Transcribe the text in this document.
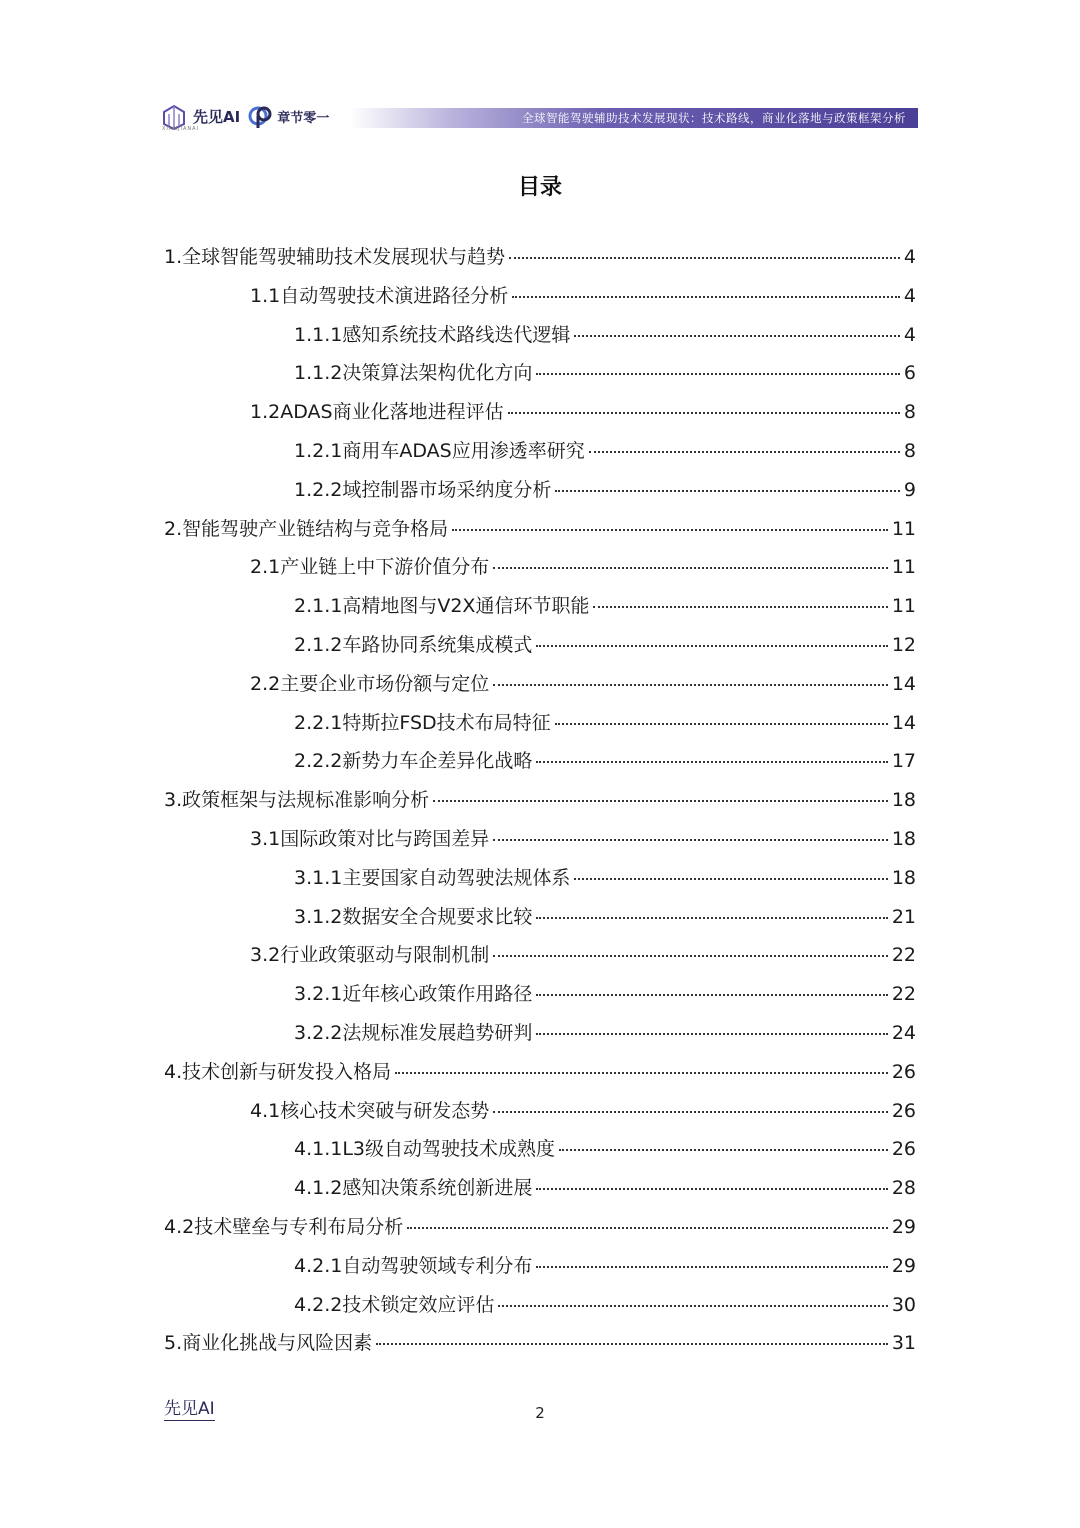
先见AI	章节零一
XIANJIANAI
全球智能驾驶辅助技术发展现状：技术路线，商业化落地与政策框架分析
目录
1.全球智能驾驶辅助技术发展现状与趋势	4
1.1自动驾驶技术演进路径分析	4
1.1.1感知系统技术路线迭代逻辑	4
1.1.2决策算法架构优化方向	6
1.2ADAS商业化落地进程评估	8
1.2.1商用车ADAS应用渗透率研究	8
1.2.2域控制器市场采纳度分析	9
2.智能驾驶产业链结构与竞争格局	11
2.1产业链上中下游价值分布	11
2.1.1高精地图与V2X通信环节职能	11
2.1.2车路协同系统集成模式	12
2.2主要企业市场份额与定位	14
2.2.1特斯拉FSD技术布局特征	14
2.2.2新势力车企差异化战略	17
3.政策框架与法规标准影响分析	18
3.1国际政策对比与跨国差异	18
3.1.1主要国家自动驾驶法规体系	18
3.1.2数据安全合规要求比较	21
3.2行业政策驱动与限制机制	22
3.2.1近年核心政策作用路径	22
3.2.2法规标准发展趋势研判	24
4.技术创新与研发投入格局	26
4.1核心技术突破与研发态势	26
4.1.1L3级自动驾驶技术成熟度	26
4.1.2感知决策系统创新进展	28
4.2技术壁垒与专利布局分析	29
4.2.1自动驾驶领域专利分布	29
4.2.2技术锁定效应评估	30
5.商业化挑战与风险因素	31
先见AI	2
